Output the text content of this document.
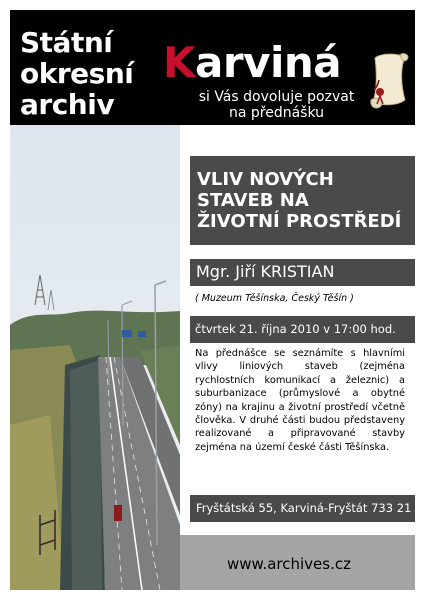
Státní
okresní
archiv
Karviná
si Vás dovoluje pozvat
na přednášku
VLIV NOVÝCH
STAVEB NA
ŽIVOTNÍ PROSTŘEDÍ
Mgr. Jiří KRISTIAN
( Muzeum Těšínska, Český Těšín )
čtvrtek 21. října 2010 v 17:00 hod.
Na přednášce se seznámíte s hlavními vlivy liniových staveb (zejména rychlostních komunikací a železnic) a suburbanizace (průmyslové a obytné zóny) na krajinu a životní prostředí včetně člověka. V druhé části budou představeny realizované a připravované stavby zejména na území české části Těšínska.
Fryštátská 55, Karviná-Fryštát 733 21
www.archives.cz
